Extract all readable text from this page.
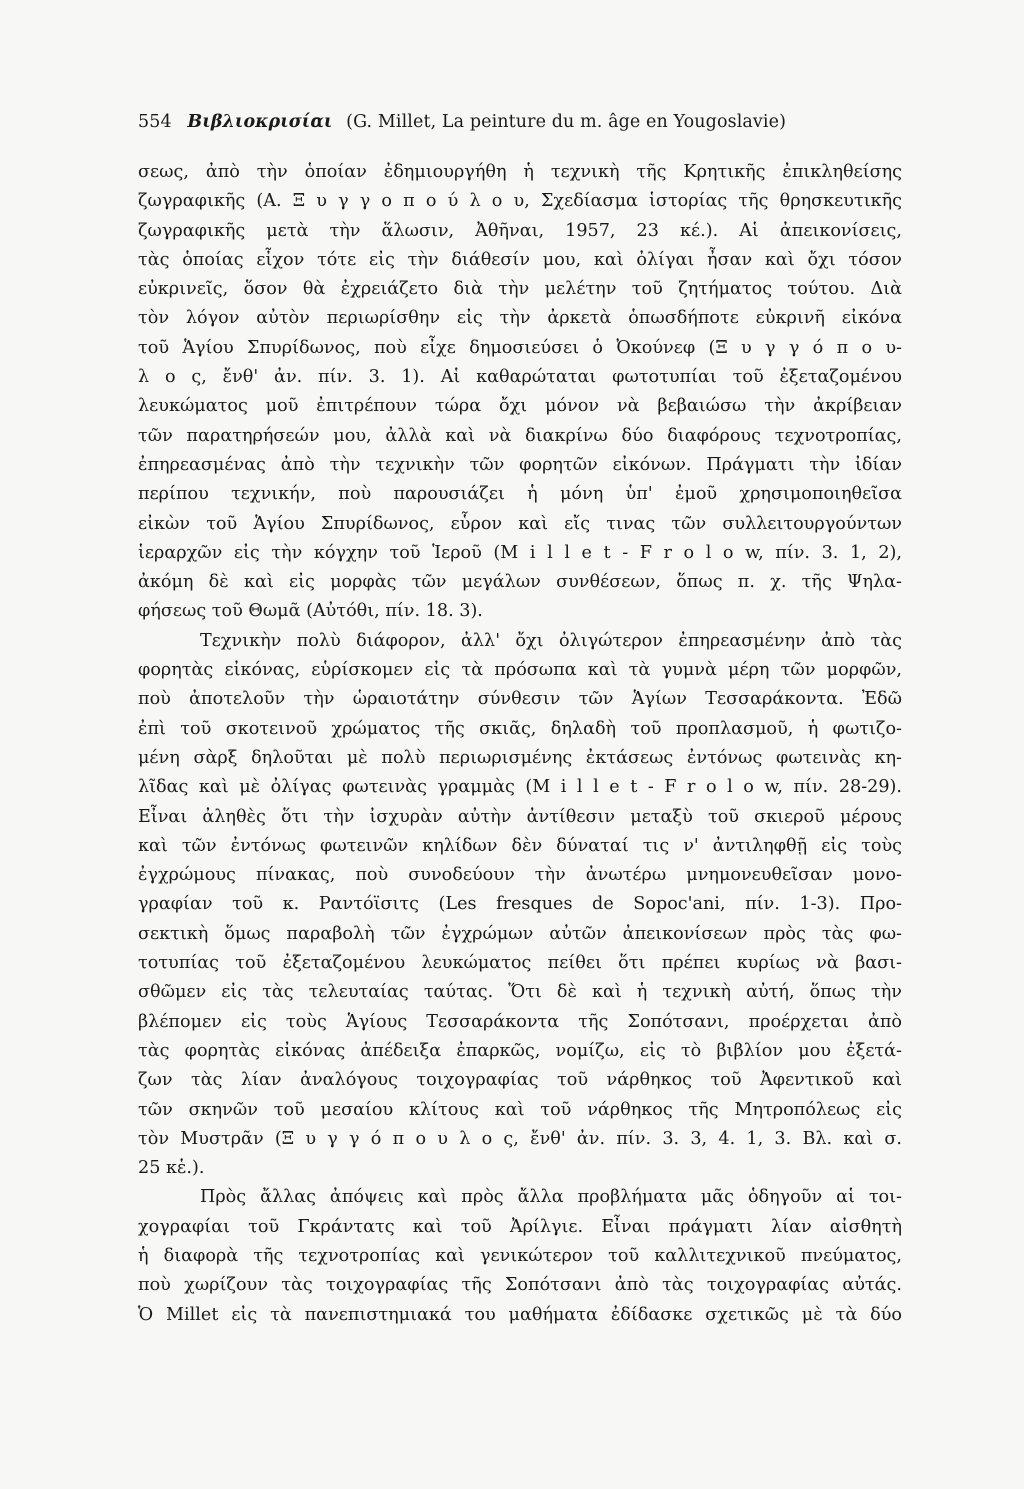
554 Βιβλιοκρισίαι (G. Millet, La peinture du m. âge en Yougoslavie)
σεως, ἀπὸ τὴν ὁποίαν ἐδημιουργήθη ἡ τεχνικὴ τῆς Κρητικῆς ἐπικληθείσης
ζωγραφικῆς (Α. Ξ υ γ γ ο π ο ύ λ ο υ, Σχεδίασμα ἱστορίας τῆς θρησκευτικῆς
ζωγραφικῆς μετὰ τὴν ἅλωσιν, Ἀθῆναι, 1957, 23 κέ.). Αἱ ἀπεικονίσεις,
τὰς ὁποίας εἶχον τότε εἰς τὴν διάθεσίν μου, καὶ ὀλίγαι ἦσαν καὶ ὄχι τόσον
εὐκρινεῖς, ὅσον θὰ ἐχρειάζετο διὰ τὴν μελέτην τοῦ ζητήματος τούτου. Διὰ
τὸν λόγον αὐτὸν περιωρίσθην εἰς τὴν ἀρκετὰ ὁπωσδήποτε εὐκρινῆ εἰκόνα
τοῦ Ἁγίου Σπυρίδωνος, ποὺ εἶχε δημοσιεύσει ὁ Ὀκούνεφ (Ξ υ γ γ ό π ο υ-
λ ο ς, ἔνθ' ἀν. πίν. 3. 1). Αἱ καθαρώταται φωτοτυπίαι τοῦ ἐξεταζομένου
λευκώματος μοῦ ἐπιτρέπουν τώρα ὄχι μόνον νὰ βεβαιώσω τὴν ἀκρίβειαν
τῶν παρατηρήσεών μου, ἀλλὰ καὶ νὰ διακρίνω δύο διαφόρους τεχνοτροπίας,
ἐπηρεασμένας ἀπὸ τὴν τεχνικὴν τῶν φορητῶν εἰκόνων. Πράγματι τὴν ἰδίαν
περίπου τεχνικήν, ποὺ παρουσιάζει ἡ μόνη ὑπ' ἐμοῦ χρησιμοποιηθεῖσα
εἰκὼν τοῦ Ἁγίου Σπυρίδωνος, εὗρον καὶ εἴς τινας τῶν συλλειτουργούντων
ἱεραρχῶν εἰς τὴν κόγχην τοῦ Ἱεροῦ (M i l l e t - F r o l o w, πίν. 3. 1, 2),
ἀκόμη δὲ καὶ εἰς μορφὰς τῶν μεγάλων συνθέσεων, ὅπως π. χ. τῆς Ψηλα-
φήσεως τοῦ Θωμᾶ (Αὐτόθι, πίν. 18. 3).
Τεχνικὴν πολὺ διάφορον, ἀλλ' ὄχι ὀλιγώτερον ἐπηρεασμένην ἀπὸ τὰς
φορητὰς εἰκόνας, εὑρίσκομεν εἰς τὰ πρόσωπα καὶ τὰ γυμνὰ μέρη τῶν μορφῶν,
ποὺ ἀποτελοῦν τὴν ὡραιοτάτην σύνθεσιν τῶν Ἁγίων Τεσσαράκοντα. Ἐδῶ
ἐπὶ τοῦ σκοτεινοῦ χρώματος τῆς σκιᾶς, δηλαδὴ τοῦ προπλασμοῦ, ἡ φωτιζο-
μένη σὰρξ δηλοῦται μὲ πολὺ περιωρισμένης ἐκτάσεως ἐντόνως φωτεινὰς κη-
λῖδας καὶ μὲ ὀλίγας φωτεινὰς γραμμὰς (M i l l e t - F r o l o w, πίν. 28-29).
Εἶναι ἀληθὲς ὅτι τὴν ἰσχυρὰν αὐτὴν ἀντίθεσιν μεταξὺ τοῦ σκιεροῦ μέρους
καὶ τῶν ἐντόνως φωτεινῶν κηλίδων δὲν δύναταί τις ν' ἀντιληφθῇ εἰς τοὺς
ἐγχρώμους πίνακας, ποὺ συνοδεύουν τὴν ἀνωτέρω μνημονευθεῖσαν μονο-
γραφίαν τοῦ κ. Ραντόϊσιτς (Les fresques de Sopoc'ani, πίν. 1-3). Προ-
σεκτικὴ ὅμως παραβολὴ τῶν ἐγχρώμων αὐτῶν ἀπεικονίσεων πρὸς τὰς φω-
τοτυπίας τοῦ ἐξεταζομένου λευκώματος πείθει ὅτι πρέπει κυρίως νὰ βασι-
σθῶμεν εἰς τὰς τελευταίας ταύτας. Ὅτι δὲ καὶ ἡ τεχνικὴ αὐτή, ὅπως τὴν
βλέπομεν εἰς τοὺς Ἁγίους Τεσσαράκοντα τῆς Σοπότσανι, προέρχεται ἀπὸ
τὰς φορητὰς εἰκόνας ἀπέδειξα ἐπαρκῶς, νομίζω, εἰς τὸ βιβλίον μου ἐξετά-
ζων τὰς λίαν ἀναλόγους τοιχογραφίας τοῦ νάρθηκος τοῦ Ἀφεντικοῦ καὶ
τῶν σκηνῶν τοῦ μεσαίου κλίτους καὶ τοῦ νάρθηκος τῆς Μητροπόλεως εἰς
τὸν Μυστρᾶν (Ξ υ γ γ ό π ο υ λ ο ς, ἔνθ' ἀν. πίν. 3. 3, 4. 1, 3. Βλ. καὶ σ.
25 κἑ.).
Πρὸς ἄλλας ἀπόψεις καὶ πρὸς ἄλλα προβλήματα μᾶς ὁδηγοῦν αἱ τοι-
χογραφίαι τοῦ Γκράντατς καὶ τοῦ Ἀρίλγιε. Εἶναι πράγματι λίαν αἰσθητὴ
ἡ διαφορὰ τῆς τεχνοτροπίας καὶ γενικώτερον τοῦ καλλιτεχνικοῦ πνεύματος,
ποὺ χωρίζουν τὰς τοιχογραφίας τῆς Σοπότσανι ἀπὸ τὰς τοιχογραφίας αὐτάς.
Ὁ Millet εἰς τὰ πανεπιστημιακά του μαθήματα ἐδίδασκε σχετικῶς μὲ τὰ δύο
